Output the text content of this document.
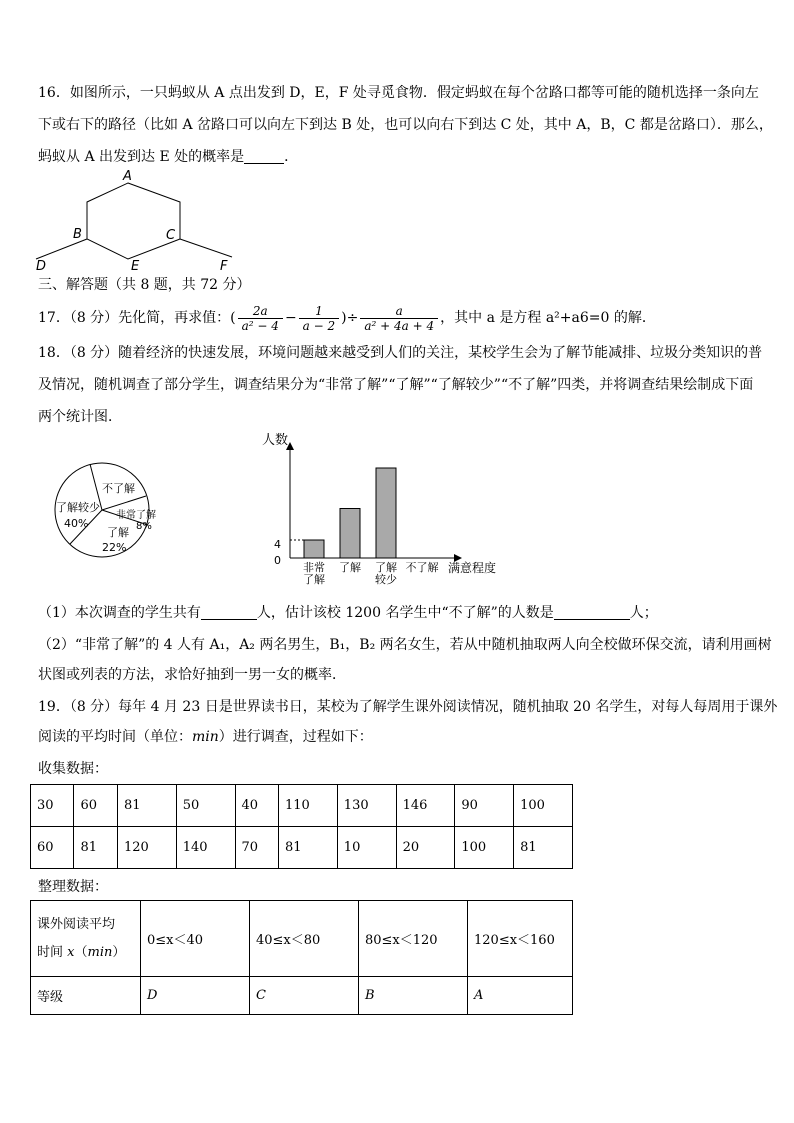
16．如图所示，一只蚂蚁从 A 点出发到 D，E，F 处寻觅食物．假定蚂蚁在每个岔路口都等可能的随机选择一条向左
下或右下的路径（比如 A 岔路口可以向左下到达 B 处，也可以向右下到达 C 处，其中 A，B，C 都是岔路口）．那么，
蚂蚁从 A 出发到达 E 处的概率是	．
A
B	C
D	E	F
三、解答题（共 8 题，共 72 分）
17．（8 分）先化简，再求值：( $\frac{2a}{\text{a² − 4}} - \frac{1}{a - 2}$ )÷ $\frac{a}{\text{a² + 4a + 4}}$ ，其中 a 是方程 a²+a6=0 的解．
18．（8 分）随着经济的快速发展，环境问题越来越受到人们的关注，某校学生会为了解节能减排、垃圾分类知识的普
及情况，随机调查了部分学生，调查结果分为“非常了解”“了解”“了解较少”“不了解”四类，并将调查结果绘制成下面
两个统计图．
不了解
了解较少
40%
非常了解
8%
了解
22%
人数
4
0
非常
了解
了解 了解
较少
不了解 满意程度
（1）本次调查的学生共有	人，估计该校 1200 名学生中“不了解”的人数是	人；
（2）“非常了解”的 4 人有 A₁，A₂ 两名男生，B₁，B₂ 两名女生，若从中随机抽取两人向全校做环保交流，请利用画树
状图或列表的方法，求恰好抽到一男一女的概率．
19．（8 分）每年 4 月 23 日是世界读书日，某校为了解学生课外阅读情况，随机抽取 20 名学生，对每人每周用于课外
阅读的平均时间（单位：min）进行调查，过程如下：
收集数据：
30	60	81	50	40	110	130	146	90	100
60	81	120	140	70	81	10	20	100	81
整理数据：
课外阅读平均
时间 x（min）	0≤x＜40	40≤x＜80	80≤x＜120	120≤x＜160
等级	D	C	B	A
